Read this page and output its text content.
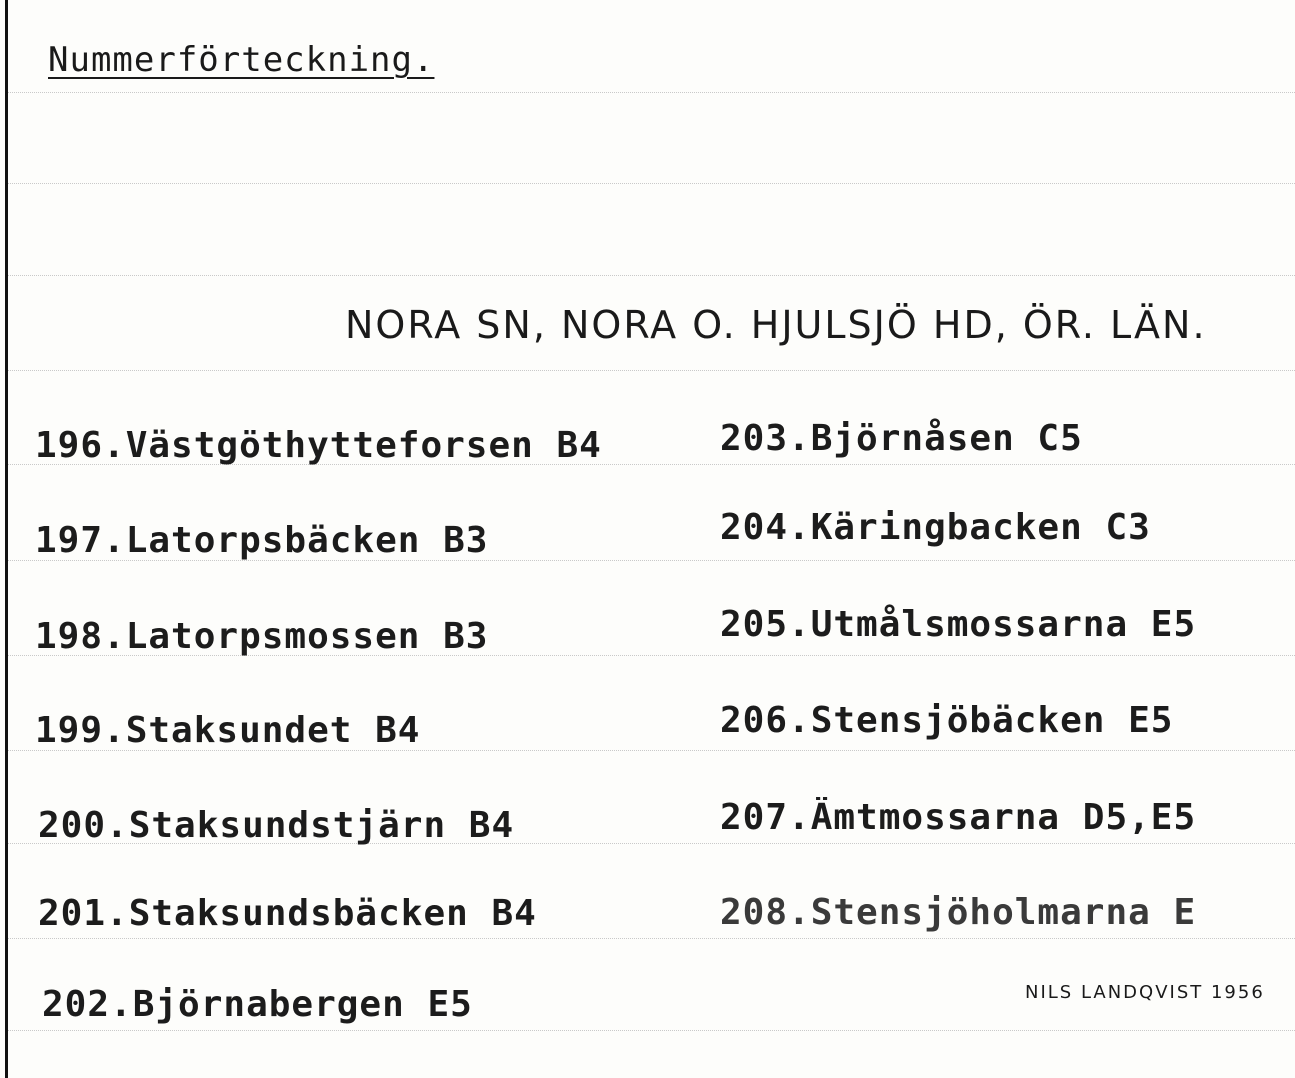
Nummerförteckning.
NORA SN, NORA O. HJULSJÖ HD, ÖR. LÄN.
196.Västgöthytteforsen B4
197.Latorpsbäcken B3
198.Latorpsmossen B3
199.Staksundet B4
200.Staksundstjärn B4
201.Staksundsbäcken B4
202.Björnabergen E5
203.Björnåsen C5
204.Käringbacken C3
205.Utmålsmossarna E5
206.Stensjöbäcken E5
207.Ämtmossarna D5,E5
208.Stensjöholmarna E
NILS LANDQVIST 1956
